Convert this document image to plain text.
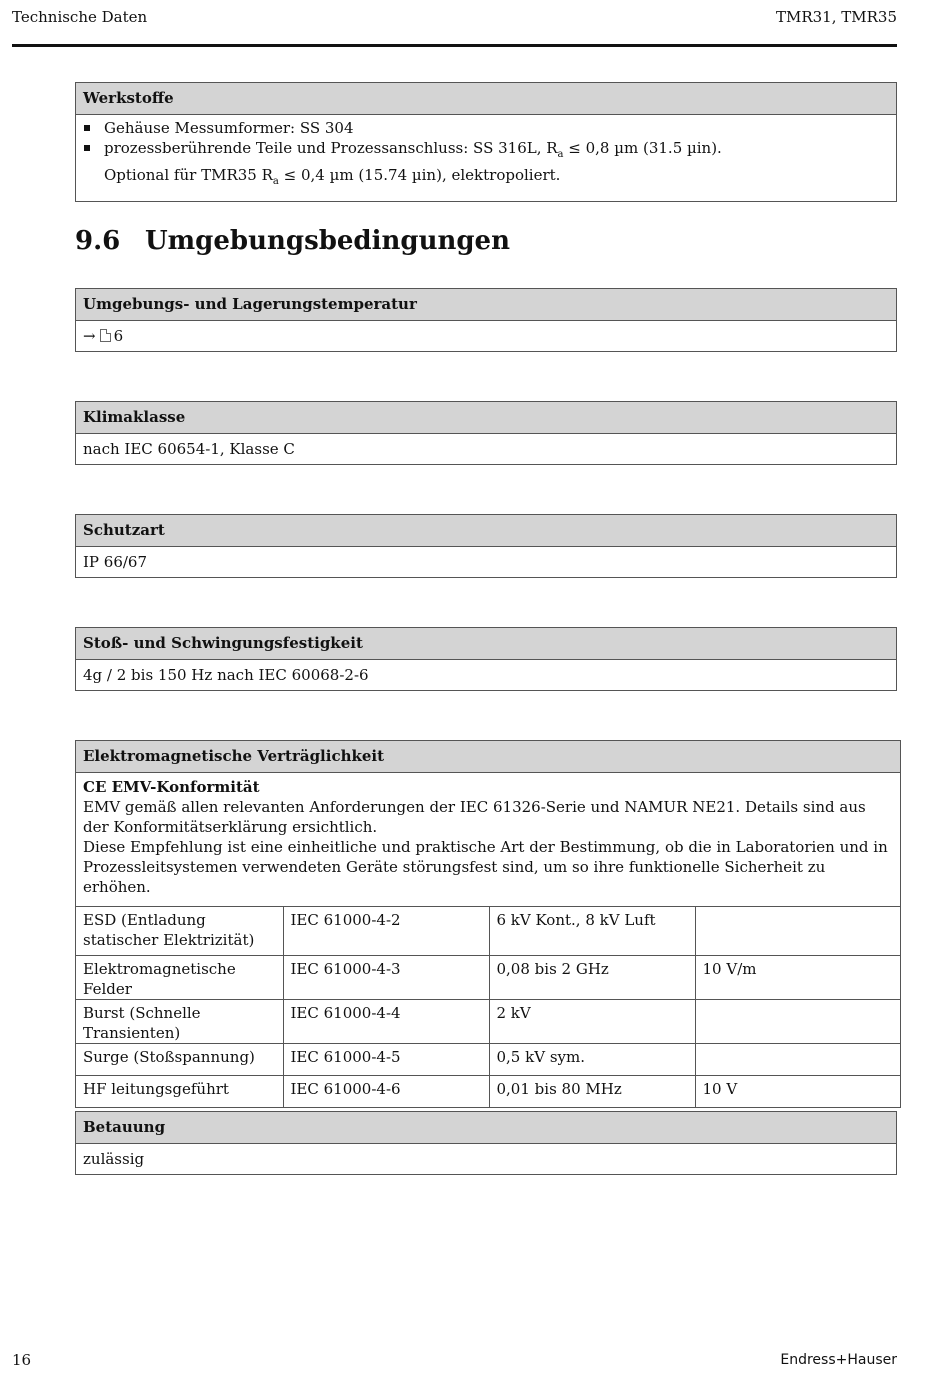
Technische Daten	TMR31, TMR35
Werkstoffe
Gehäuse Messumformer: SS 304
prozessberührende Teile und Prozessanschluss: SS 316L, $R_a \le 0,8$ µm (31.5 µin).
Optional für TMR35 $R_a \le 0,4$ µm (15.74 µin), elektropoliert.
9.6 Umgebungsbedingungen
Umgebungs- und Lagerungstemperatur
→ 6
Klimaklasse
nach IEC 60654-1, Klasse C
Schutzart
IP 66/67
Stoß- und Schwingungsfestigkeit
4g / 2 bis 150 Hz nach IEC 60068-2-6
Elektromagnetische Verträglichkeit
CE EMV-Konformität
EMV gemäß allen relevanten Anforderungen der IEC 61326-Serie und NAMUR NE21. Details sind aus der Konformitätserklärung ersichtlich.
Diese Empfehlung ist eine einheitliche und praktische Art der Bestimmung, ob die in Laboratorien und in Prozessleitsystemen verwendeten Geräte störungsfest sind, um so ihre funktionelle Sicherheit zu erhöhen.
ESD (Entladung statischer Elektrizität)	IEC 61000-4-2	6 kV Kont., 8 kV Luft	
Elektromagnetische Felder	IEC 61000-4-3	0,08 bis 2 GHz	10 V/m
Burst (Schnelle Transienten)	IEC 61000-4-4	2 kV	
Surge (Stoßspannung)	IEC 61000-4-5	0,5 kV sym.	
HF leitungsgeführt	IEC 61000-4-6	0,01 bis 80 MHz	10 V
Betauung
zulässig
16	Endress+Hauser
